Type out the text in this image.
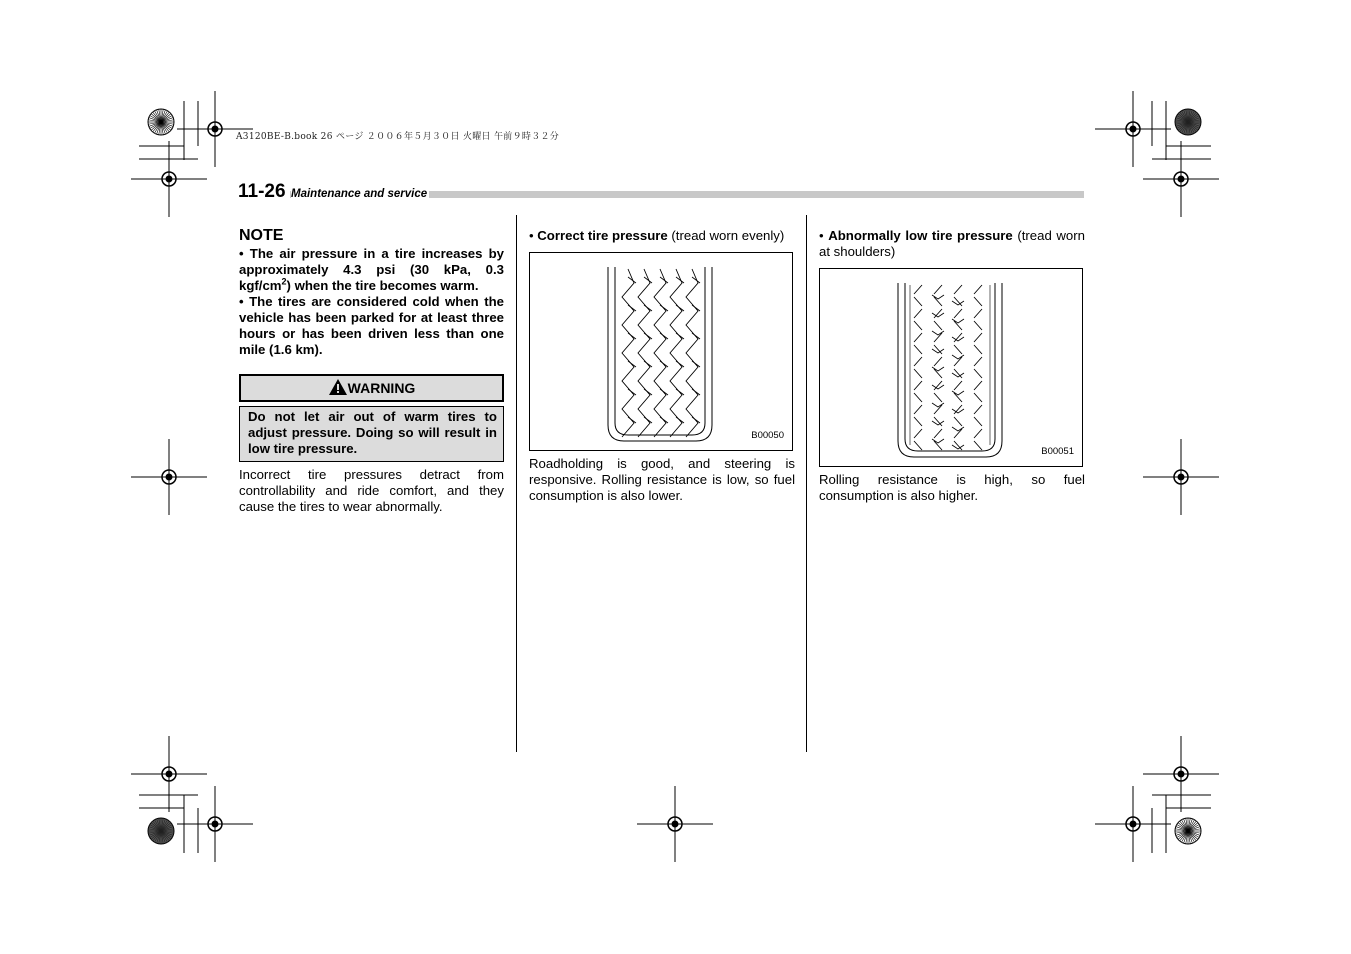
A3120BE-B.book 26 ページ ２００６年５月３０日 火曜日 午前９時３２分
11-26 Maintenance and service
NOTE
• The air pressure in a tire increases by approximately 4.3 psi (30 kPa, 0.3 kgf/$cm^2$) when the tire becomes warm.
• The tires are considered cold when the vehicle has been parked for at least three hours or has been driven less than one mile (1.6 km).
WARNING
Do not let air out of warm tires to adjust pressure. Doing so will result in low tire pressure.
Incorrect tire pressures detract from controllability and ride comfort, and they cause the tires to wear abnormally.
• Correct tire pressure (tread worn evenly)
B00050
Roadholding is good, and steering is responsive. Rolling resistance is low, so fuel consumption is also lower.
• Abnormally low tire pressure (tread worn at shoulders)
B00051
Rolling resistance is high, so fuel consumption is also higher.
